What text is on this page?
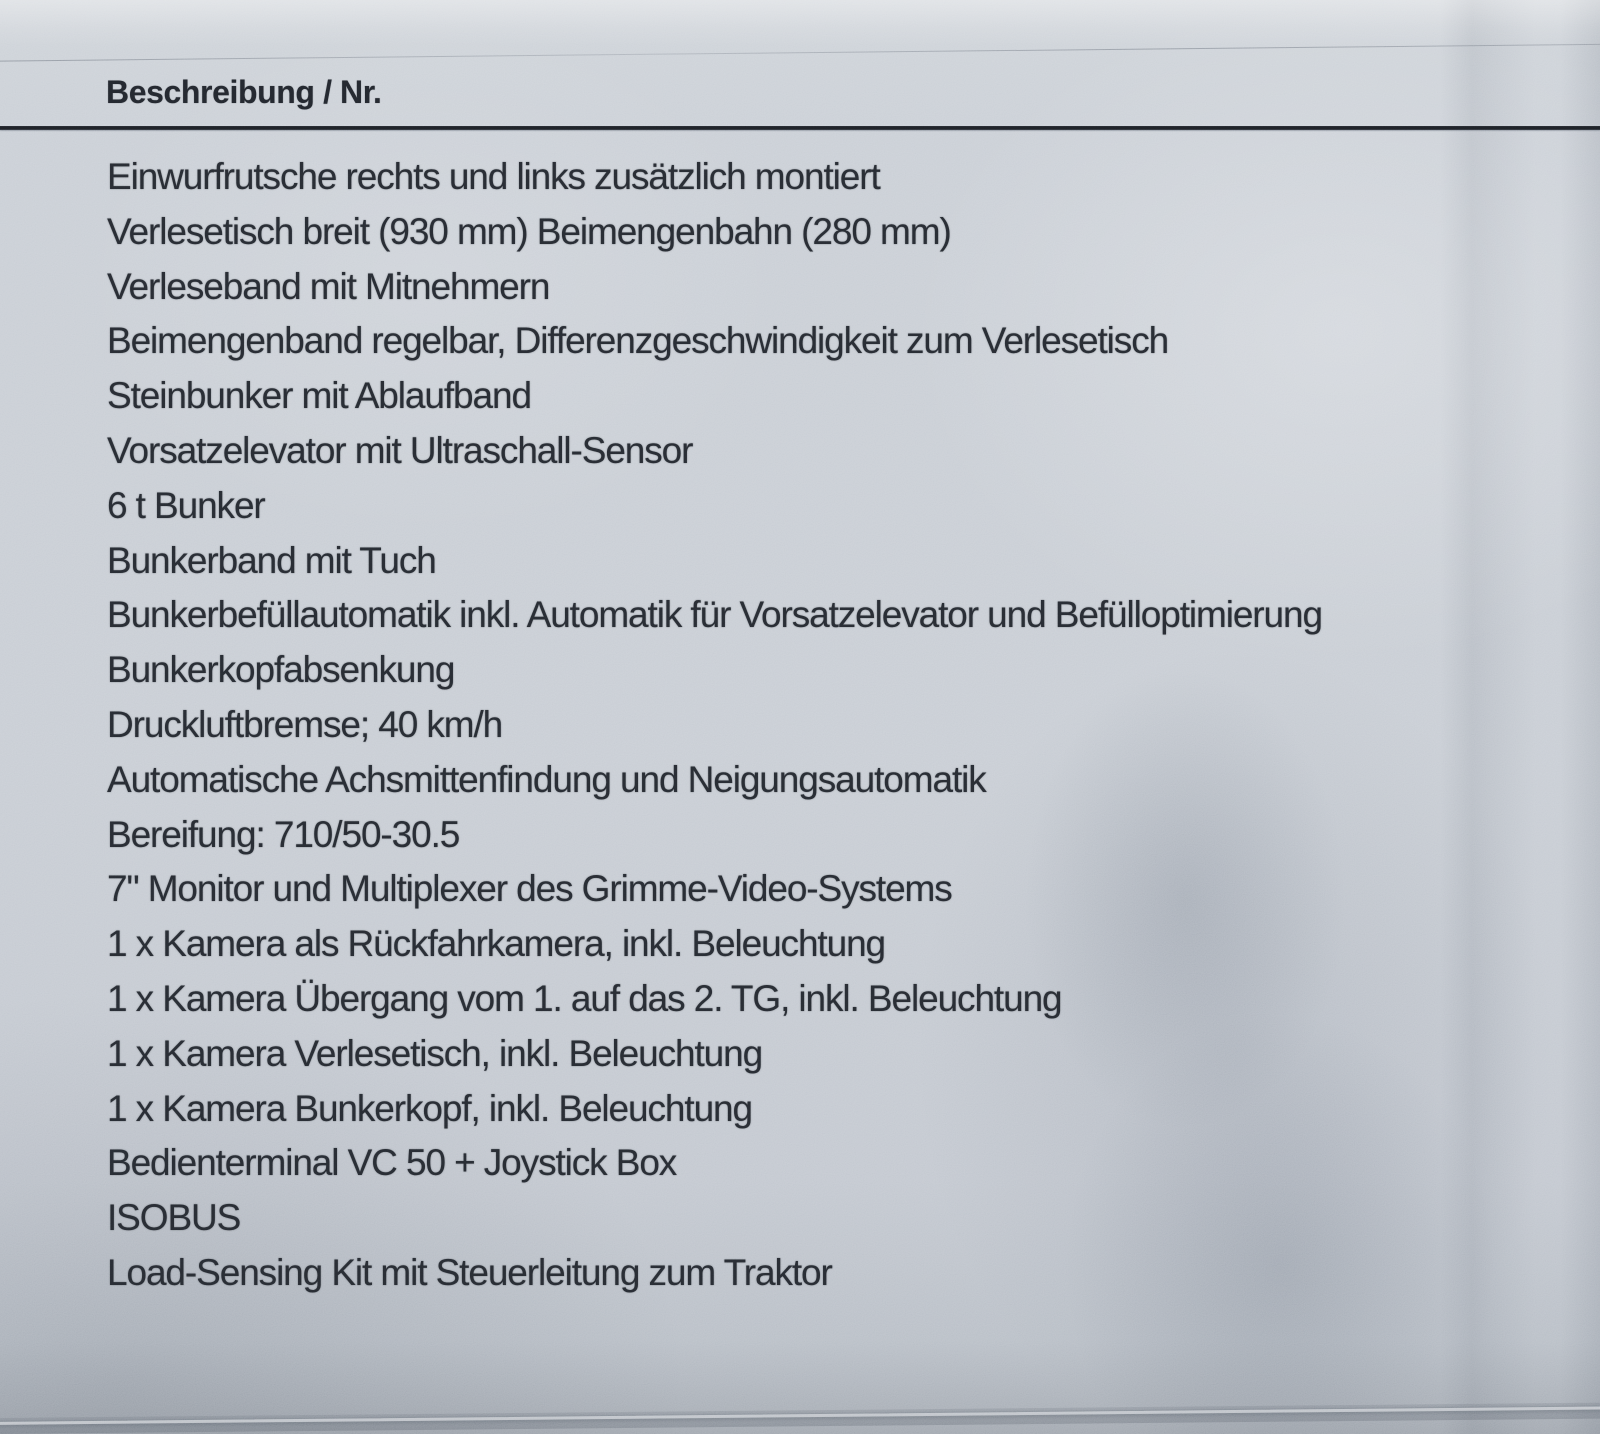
Beschreibung / Nr.
Einwurfrutsche rechts und links zusätzlich montiert
Verlesetisch breit (930 mm) Beimengenbahn (280 mm)
Verleseband mit Mitnehmern
Beimengenband regelbar, Differenzgeschwindigkeit zum Verlesetisch
Steinbunker mit Ablaufband
Vorsatzelevator mit Ultraschall-Sensor
6 t Bunker
Bunkerband mit Tuch
Bunkerbefüllautomatik inkl. Automatik für Vorsatzelevator und Befülloptimierung
Bunkerkopfabsenkung
Druckluftbremse; 40 km/h
Automatische Achsmittenfindung und Neigungsautomatik
Bereifung: 710/50-30.5
7" Monitor und Multiplexer des Grimme-Video-Systems
1 x Kamera als Rückfahrkamera, inkl. Beleuchtung
1 x Kamera Übergang vom 1. auf das 2. TG, inkl. Beleuchtung
1 x Kamera Verlesetisch, inkl. Beleuchtung
1 x Kamera Bunkerkopf, inkl. Beleuchtung
Bedienterminal VC 50 + Joystick Box
ISOBUS
Load-Sensing Kit mit Steuerleitung zum Traktor
